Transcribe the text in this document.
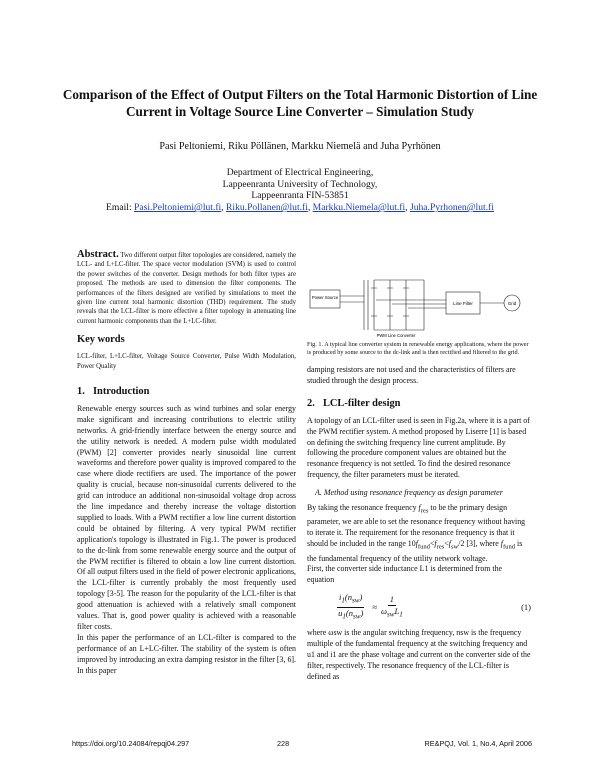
Comparison of the Effect of Output Filters on the Total Harmonic Distortion of Line Current in Voltage Source Line Converter – Simulation Study
Pasi Peltoniemi, Riku Pöllänen, Markku Niemelä and Juha Pyrhönen
Department of Electrical Engineering,
Lappeenranta University of Technology,
Lappeenranta FIN-53851
Email: Pasi.Peltoniemi@lut.fi, Riku.Pollanen@lut.fi, Markku.Niemela@lut.fi, Juha.Pyrhonen@lut.fi

Abstract. Two different output filter topologies are considered, namely the LCL- and L+LC-filter. The space vector modulation (SVM) is used to control the power switches of the converter. Design methods for both filter types are proposed. The methods are used to dimension the filter components. The performances of the filters designed are verified by simulations to meet the given line current total harmonic distortion (THD) requirement. The study reveals that the LCL-filter is more effective a filter topology in attenuating line current harmonic components than the L+LC-filter.

Key words

LCL-filter, L+LC-filter, Voltage Source Converter, Pulse Width Modulation, Power Quality

1. Introduction

Renewable energy sources such as wind turbines and solar energy make significant and increasing contributions to electric utility networks. A grid-friendly interface between the energy source and the utility network is needed. A modern pulse width modulated (PWM) [2] converter provides nearly sinusoidal line current waveforms and therefore power quality is improved compared to the case where diode rectifiers are used. The importance of the power quality is crucial, because non-sinusoidal currents delivered to the grid can introduce an additional non-sinusoidal voltage drop across the line impedance and thereby increase the voltage distortion supplied to loads. With a PWM rectifier a low line current distortion could be obtained by filtering. A very typical PWM rectifier application's topology is illustrated in Fig.1. The power is produced to the dc-link from some renewable energy source and the output of the PWM rectifier is filtered to obtain a low line current distortion. Of all output filters used in the field of power electronic applications, the LCL-filter is currently probably the most frequently used topology [3-5]. The reason for the popularity of the LCL-filter is that good attenuation is achieved with a relatively small component values. That is, good power quality is achieved with a reasonable filter costs.

In this paper the performance of an LCL-filter is compared to the performance of an L+LC-filter. The stability of the system is often improved by introducing an extra damping resistor in the filter [3, 6]. In this paper

Power Source
Line Filter	Grid
PWM Line Converter
Fig. 1. A typical line converter system in renewable energy applications, where the power is produced by some source to the dc-link and is then rectified and filtered to the grid.

damping resistors are not used and the characteristics of filters are studied through the design process.

2. LCL-filter design

A topology of an LCL-filter used is seen in Fig.2a, where it is a part of the PWM rectifier system. A method proposed by Liserre [1] is based on defining the switching frequency line current amplitude. By following the procedure component values are obtained but the resonance frequency is not settled. To find the desired resonance frequency, the filter parameters must be iterated.

A. Method using resonance frequency as design parameter

By taking the resonance frequency $f_{res}$ to be the primary design parameter, we are able to set the resonance frequency without having to iterate it. The requirement for the resonance frequency is that it should be included in the range $10f_{fund}<f_{res}<f_{sw}/2$ [3], where $f_{fund}$ is the fundamental frequency of the utility network voltage.

First, the converter side inductance L1 is determined from the equation

$\frac{i_1(n_{sw})}{u_1(n_{sw})} \approx \frac{1}{\omega_{sw}L_1}$	(1)

where ωsw is the angular switching frequency, nsw is the frequency multiple of the fundamental frequency at the switching frequency and u1 and i1 are the phase voltage and current on the converter side of the filter, respectively. The resonance frequency of the LCL-filter is defined as

https://doi.org/10.24084/repqj04.297	228	RE&PQJ, Vol. 1, No.4, April 2006
